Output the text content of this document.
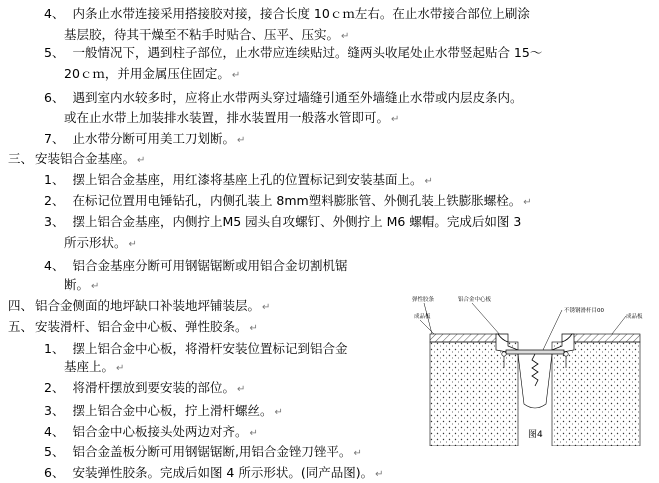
4、 内条止水带连接采用搭接胶对接，接合长度 10ｃｍ左右。在止水带接合部位上刷涂
基层胶，待其干燥至不粘手时贴合、压平、压实。 ↵
5、 一般情况下，遇到柱子部位，止水带应连续贴过。缝两头收尾处止水带竖起贴合 15～
20ｃｍ，并用金属压住固定。 ↵
6、 遇到室内水较多时，应将止水带两头穿过墙缝引通至外墙缝止水带或内层皮条内。
或在止水带上加装排水装置，排水装置用一般落水管即可。 ↵
7、 止水带分断可用美工刀划断。 ↵
三、 安装铝合金基座。 ↵
1、 摆上铝合金基座，用红漆将基座上孔的位置标记到安装基面上。 ↵
2、 在标记位置用电锤钻孔，内侧孔装上 8mm塑料膨胀管、外侧孔装上铁膨胀螺栓。 ↵
3、 摆上铝合金基座，内侧拧上M5 园头自攻螺钉、外侧拧上 M6 螺帽。完成后如图 3
所示形状。 ↵
4、 铝合金基座分断可用钢锯锯断或用铝合金切割机锯
断。 ↵
四、 铝合金侧面的地坪缺口补装地坪铺装层。 ↵
五、 安装滑杆、铝合金中心板、弹性胶条。 ↵
1、 摆上铝合金中心板，将滑杆安装位置标记到铝合金
基座上。 ↵
2、 将滑杆摆放到要安装的部位。 ↵
3、 摆上铝合金中心板，拧上滑杆螺丝。 ↵
4、 铝合金中心板接头处两边对齐。 ↵
5、 铝合金盖板分断可用钢锯锯断,用铝合金锉刀锉平。 ↵
6、 安装弹性胶条。完成后如图 4 所示形状。(同产品图)。 ↵
弹性胶条	铝合金中心板
不锈钢滑杆目00
成品板	成品板
图4
